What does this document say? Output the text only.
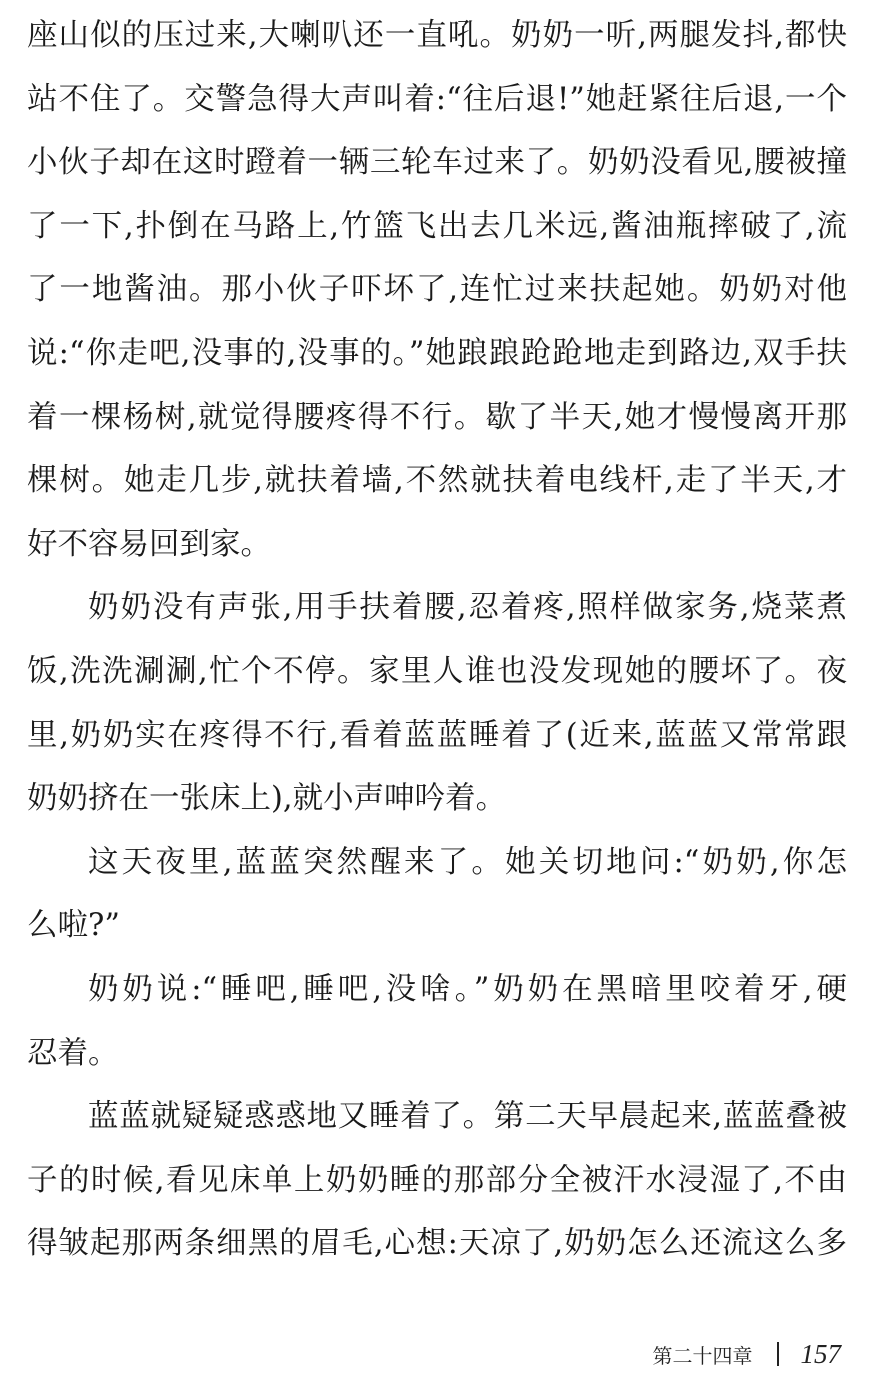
座山似的压过来,大喇叭还一直吼。奶奶一听,两腿发抖,都快
站不住了。交警急得大声叫着:“往后退!”她赶紧往后退,一个
小伙子却在这时蹬着一辆三轮车过来了。奶奶没看见,腰被撞
了一下,扑倒在马路上,竹篮飞出去几米远,酱油瓶摔破了,流
了一地酱油。那小伙子吓坏了,连忙过来扶起她。奶奶对他
说:“你走吧,没事的,没事的。”她踉踉跄跄地走到路边,双手扶
着一棵杨树,就觉得腰疼得不行。歇了半天,她才慢慢离开那
棵树。她走几步,就扶着墙,不然就扶着电线杆,走了半天,才
好不容易回到家。
奶奶没有声张,用手扶着腰,忍着疼,照样做家务,烧菜煮
饭,洗洗涮涮,忙个不停。家里人谁也没发现她的腰坏了。夜
里,奶奶实在疼得不行,看着蓝蓝睡着了(近来,蓝蓝又常常跟
奶奶挤在一张床上),就小声呻吟着。
这天夜里,蓝蓝突然醒来了。她关切地问:“奶奶,你怎
么啦?”
奶奶说:“睡吧,睡吧,没啥。”奶奶在黑暗里咬着牙,硬
忍着。
蓝蓝就疑疑惑惑地又睡着了。第二天早晨起来,蓝蓝叠被
子的时候,看见床单上奶奶睡的那部分全被汗水浸湿了,不由
得皱起那两条细黑的眉毛,心想:天凉了,奶奶怎么还流这么多
第二十四章 157
